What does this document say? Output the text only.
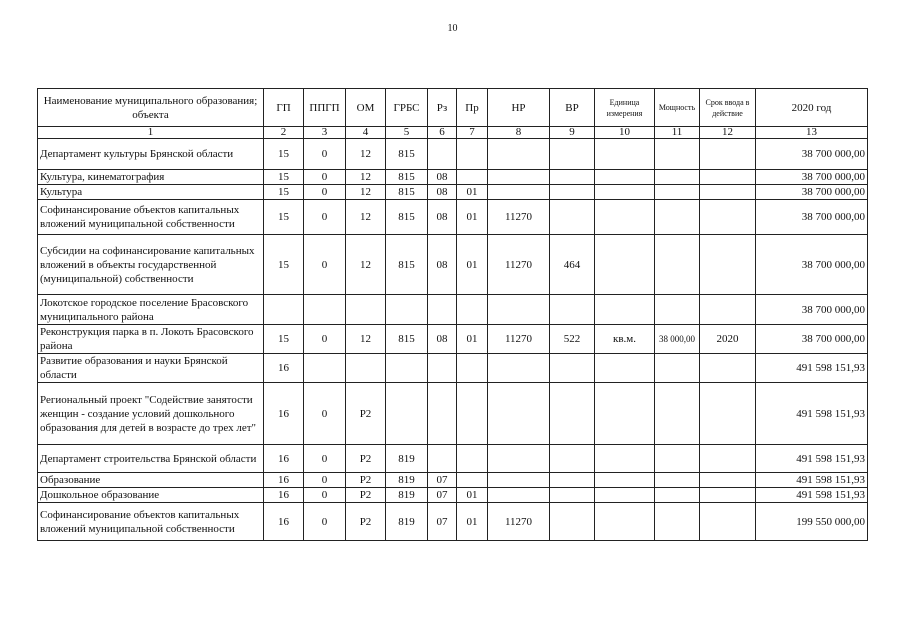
10
Наименование муниципального образования; объекта	ГП	ППГП	ОМ	ГРБС	Рз	Пр	НР	ВР	Единица измерения	Мощность	Срок ввода в действие	2020 год
1	2	3	4	5	6	7	8	9	10	11	12	13
Департамент культуры Брянской области	15	0	12	815								38 700 000,00
Культура, кинематография	15	0	12	815	08							38 700 000,00
Культура	15	0	12	815	08	01						38 700 000,00
Софинансирование объектов капитальных вложений муниципальной собственности	15	0	12	815	08	01	11270					38 700 000,00
Субсидии на софинансирование капитальных вложений в объекты государственной (муниципальной) собственности	15	0	12	815	08	01	11270	464				38 700 000,00
Локотское городское поселение Брасовского муниципального района												38 700 000,00
Реконструкция парка в п. Локоть Брасовского района	15	0	12	815	08	01	11270	522	кв.м.	38 000,00	2020	38 700 000,00
Развитие образования и науки Брянской области	16											491 598 151,93
Региональный проект "Содействие занятости женщин - создание условий дошкольного образования для детей в возрасте до трех лет"	16	0	P2									491 598 151,93
Департамент строительства Брянской области	16	0	P2	819								491 598 151,93
Образование	16	0	P2	819	07							491 598 151,93
Дошкольное образование	16	0	P2	819	07	01						491 598 151,93
Софинансирование объектов капитальных вложений муниципальной собственности	16	0	P2	819	07	01	11270					199 550 000,00
